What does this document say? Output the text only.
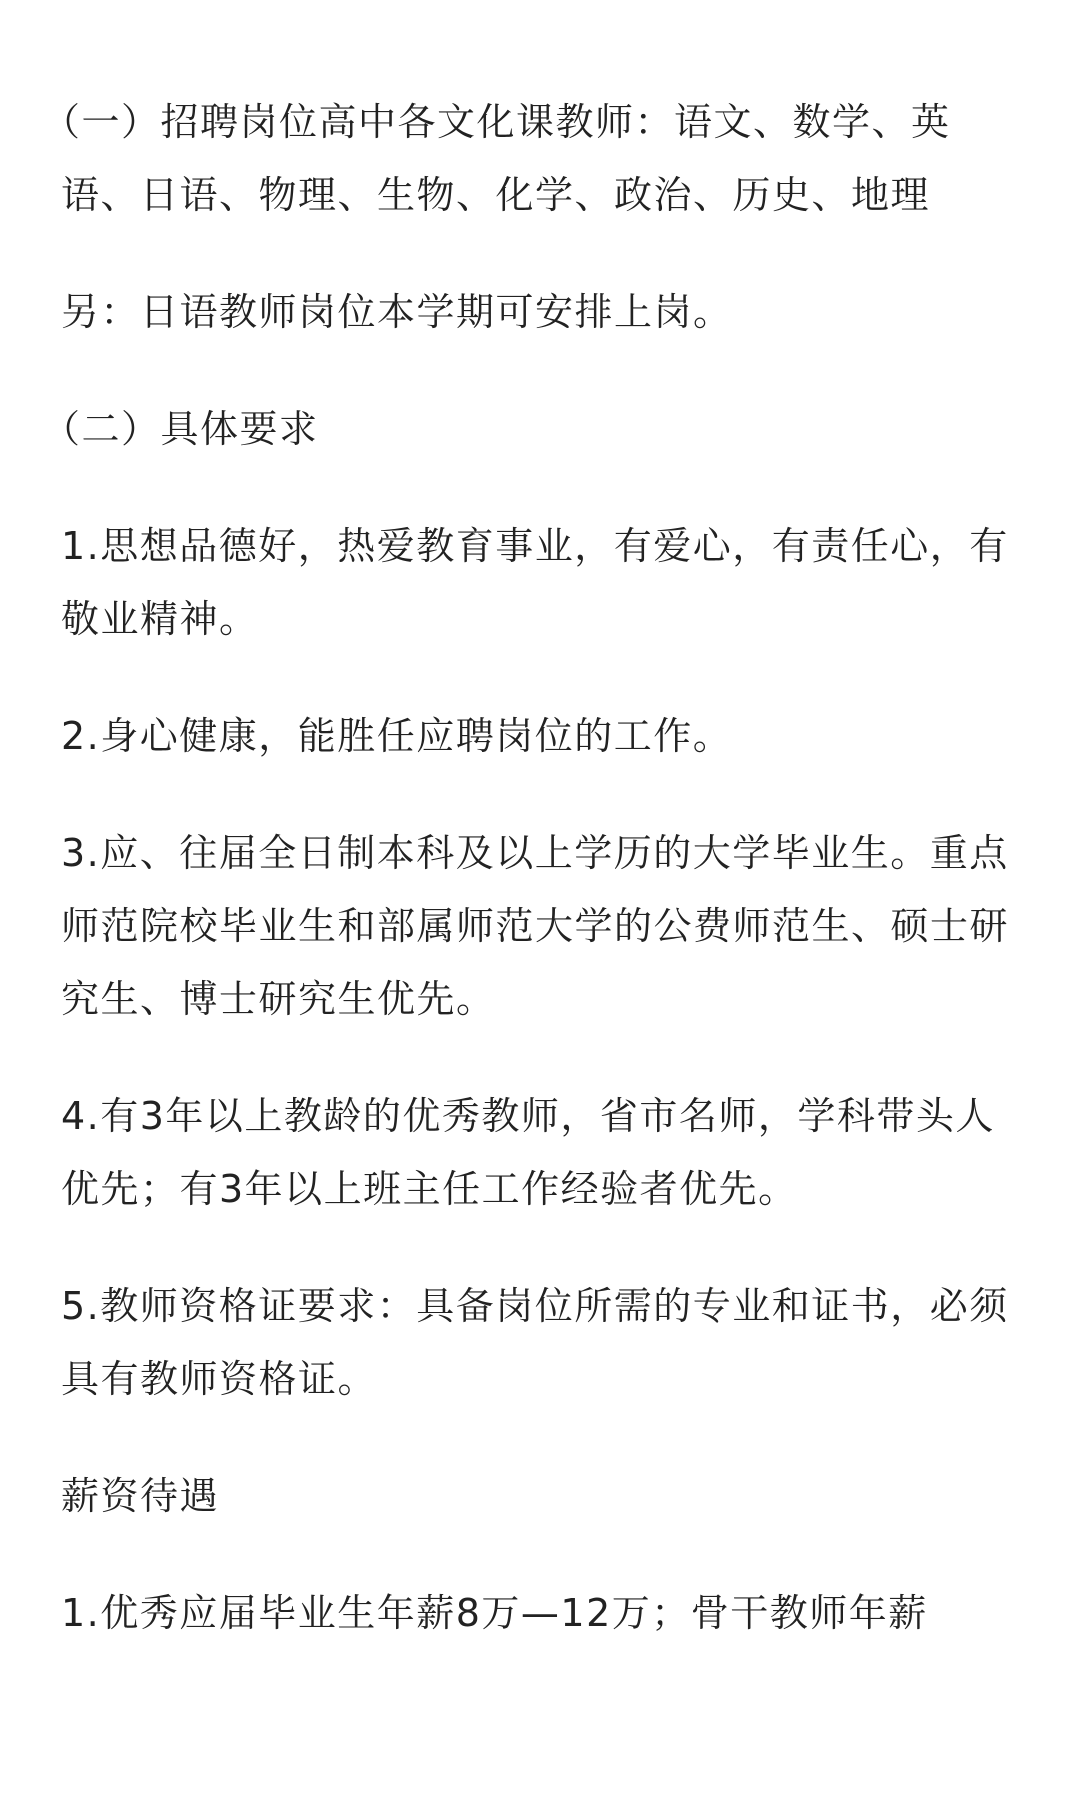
（一）招聘岗位高中各文化课教师：语文、数学、英语、日语、物理、生物、化学、政治、历史、地理

另：日语教师岗位本学期可安排上岗。

（二）具体要求

1.思想品德好，热爱教育事业，有爱心，有责任心，有敬业精神。

2.身心健康，能胜任应聘岗位的工作。

3.应、往届全日制本科及以上学历的大学毕业生。重点师范院校毕业生和部属师范大学的公费师范生、硕士研究生、博士研究生优先。

4.有3年以上教龄的优秀教师，省市名师，学科带头人优先；有3年以上班主任工作经验者优先。

5.教师资格证要求：具备岗位所需的专业和证书，必须具有教师资格证。

薪资待遇

1.优秀应届毕业生年薪8万—12万；骨干教师年薪
